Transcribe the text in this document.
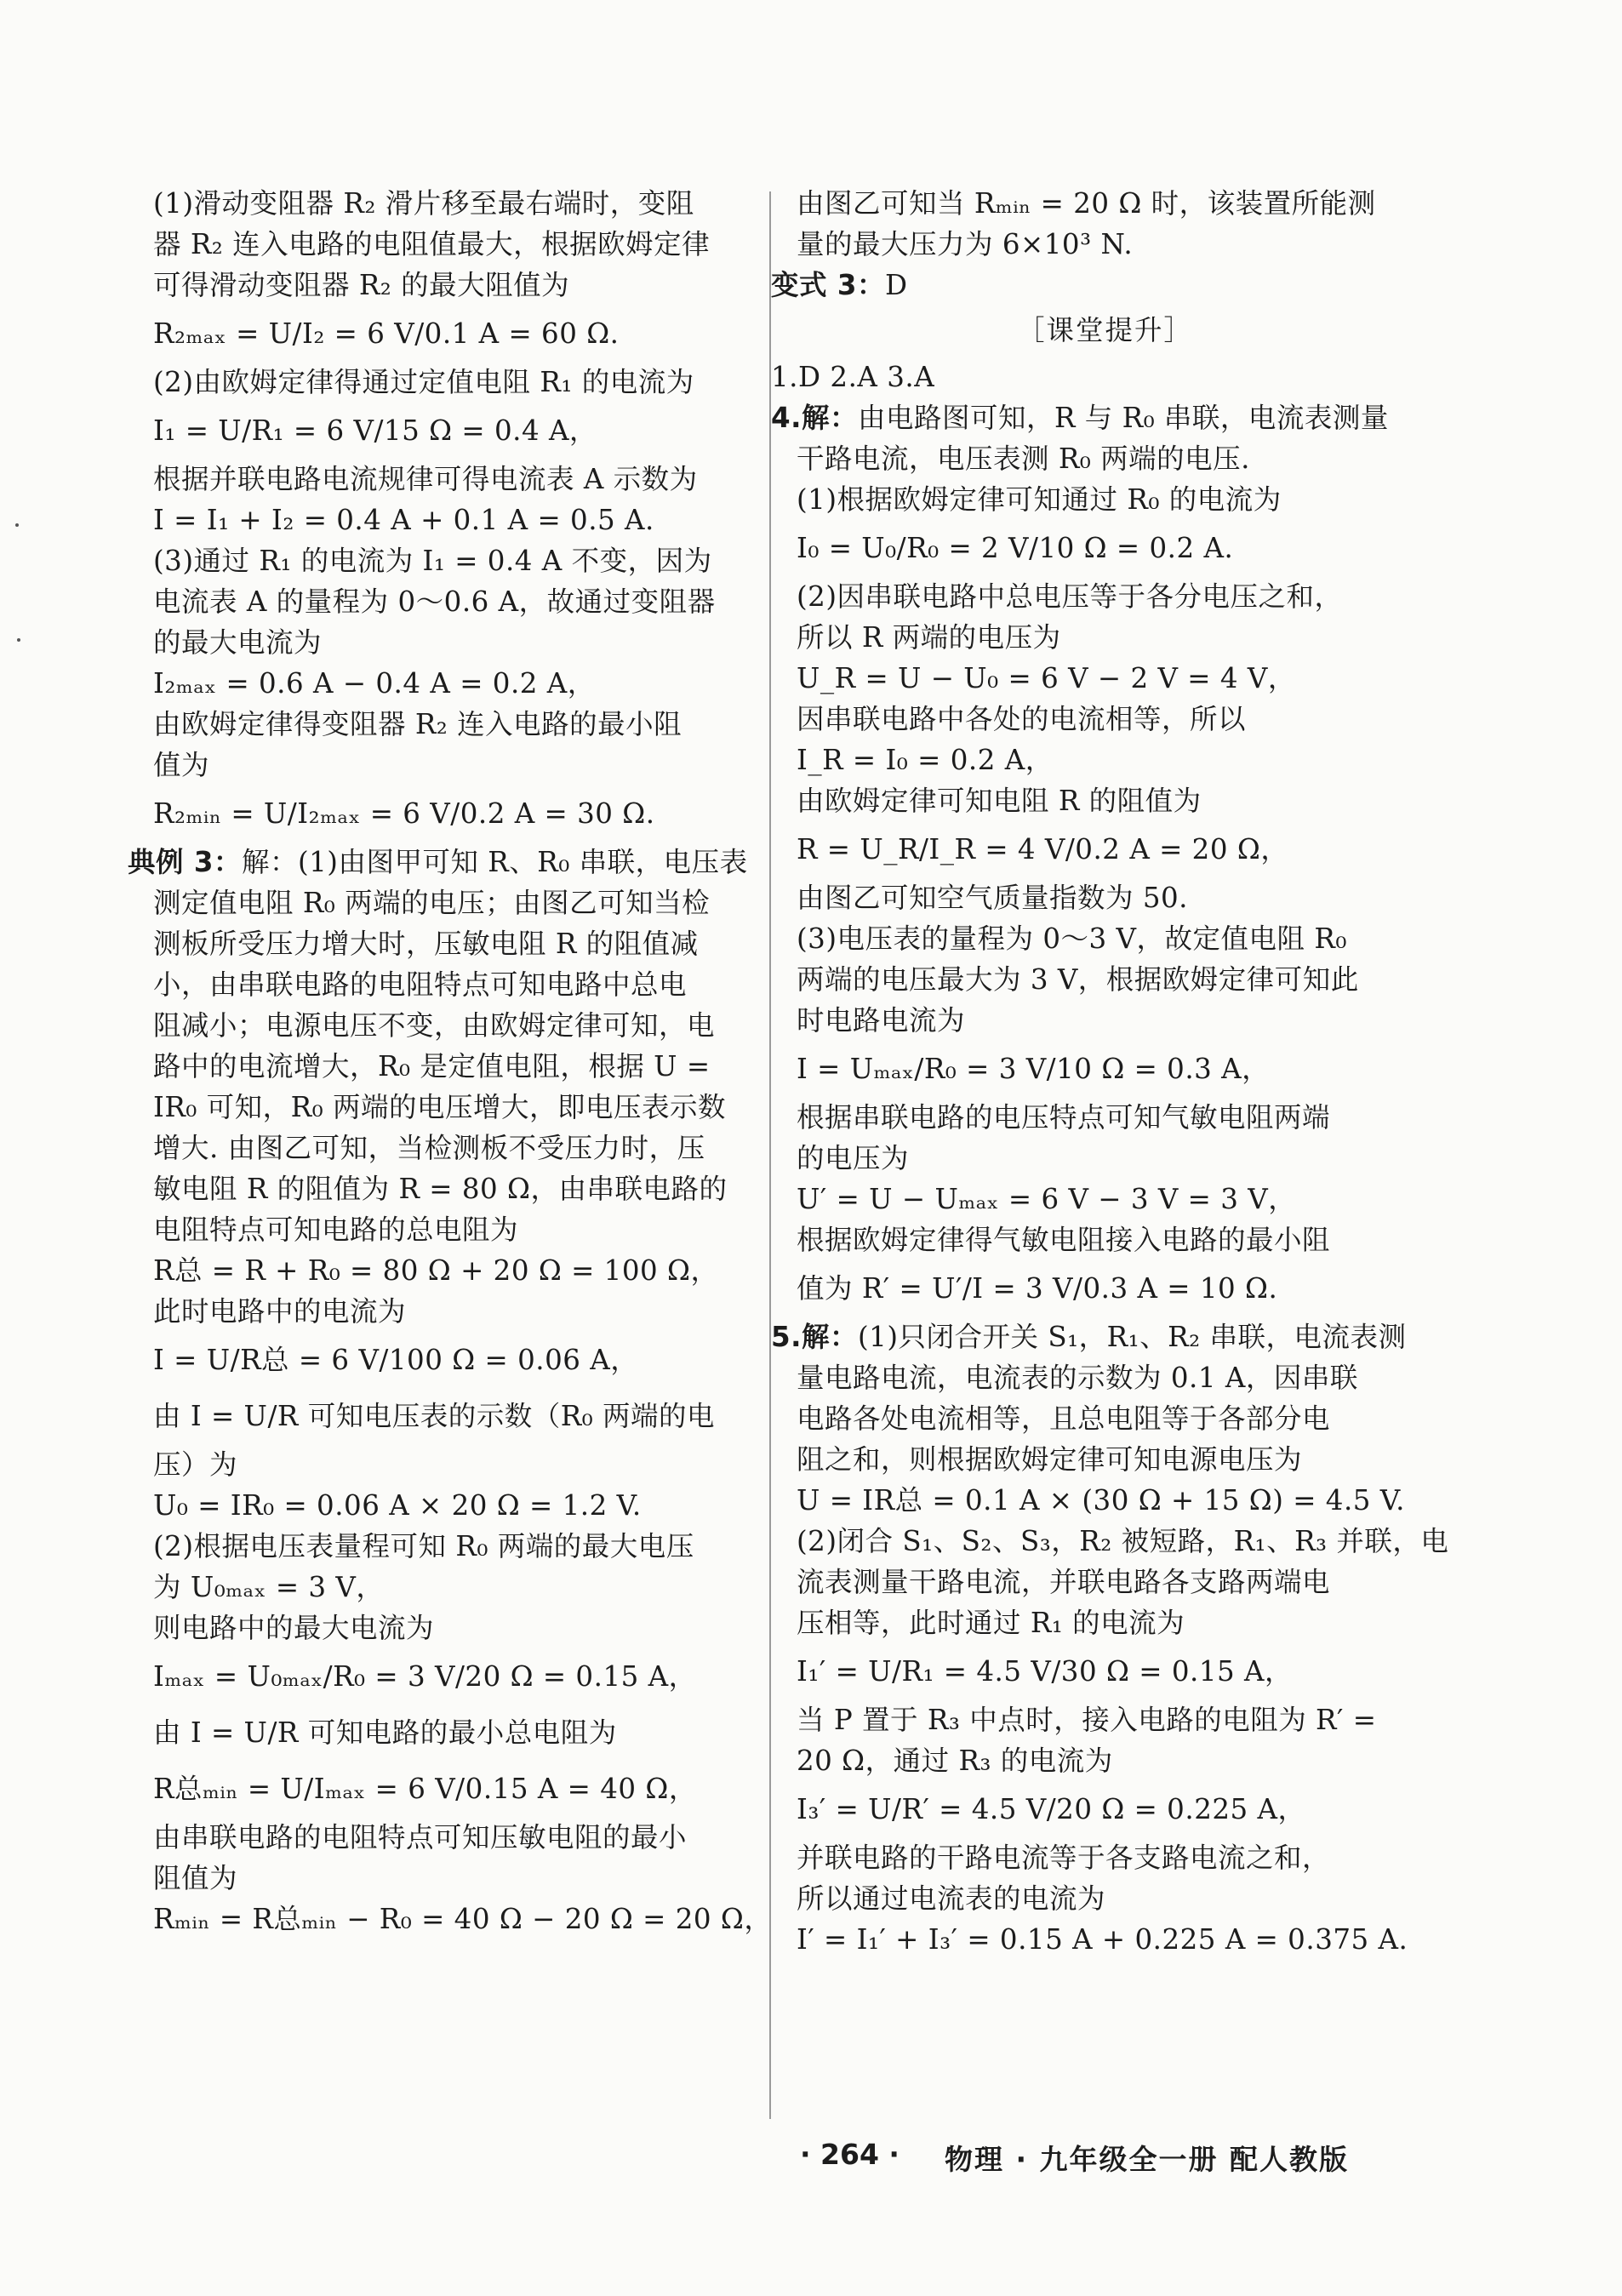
(1)滑动变阻器 R₂ 滑片移至最右端时，变阻
器 R₂ 连入电路的电阻值最大，根据欧姆定律
可得滑动变阻器 R₂ 的最大阻值为
R₂ₘₐₓ = U/I₂ = 6 V/0.1 A = 60 Ω.
(2)由欧姆定律得通过定值电阻 R₁ 的电流为
I₁ = U/R₁ = 6 V/15 Ω = 0.4 A，
根据并联电路电流规律可得电流表 A 示数为
I = I₁ + I₂ = 0.4 A + 0.1 A = 0.5 A.
(3)通过 R₁ 的电流为 I₁ = 0.4 A 不变，因为
电流表 A 的量程为 0～0.6 A，故通过变阻器
的最大电流为
I₂ₘₐₓ = 0.6 A − 0.4 A = 0.2 A，
由欧姆定律得变阻器 R₂ 连入电路的最小阻
值为
R₂ₘᵢₙ = U/I₂ₘₐₓ = 6 V/0.2 A = 30 Ω.
典例 3：解：(1)由图甲可知 R、R₀ 串联，电压表
测定值电阻 R₀ 两端的电压；由图乙可知当检
测板所受压力增大时，压敏电阻 R 的阻值减
小，由串联电路的电阻特点可知电路中总电
阻减小；电源电压不变，由欧姆定律可知，电
路中的电流增大，R₀ 是定值电阻，根据 U =
IR₀ 可知，R₀ 两端的电压增大，即电压表示数
增大. 由图乙可知，当检测板不受压力时，压
敏电阻 R 的阻值为 R = 80 Ω，由串联电路的
电阻特点可知电路的总电阻为
R总 = R + R₀ = 80 Ω + 20 Ω = 100 Ω，
此时电路中的电流为
I = U/R总 = 6 V/100 Ω = 0.06 A，
由 I = U/R 可知电压表的示数（R₀ 两端的电
压）为
U₀ = IR₀ = 0.06 A × 20 Ω = 1.2 V.
(2)根据电压表量程可知 R₀ 两端的最大电压
为 U₀ₘₐₓ = 3 V，
则电路中的最大电流为
Iₘₐₓ = U₀ₘₐₓ/R₀ = 3 V/20 Ω = 0.15 A，
由 I = U/R 可知电路的最小总电阻为
R总ₘᵢₙ = U/Iₘₐₓ = 6 V/0.15 A = 40 Ω，
由串联电路的电阻特点可知压敏电阻的最小
阻值为
Rₘᵢₙ = R总ₘᵢₙ − R₀ = 40 Ω − 20 Ω = 20 Ω，
由图乙可知当 Rₘᵢₙ = 20 Ω 时，该装置所能测
量的最大压力为 6×10³ N.
变式 3：D
［课堂提升］
1.D 2.A 3.A
4.解：由电路图可知，R 与 R₀ 串联，电流表测量
干路电流，电压表测 R₀ 两端的电压.
(1)根据欧姆定律可知通过 R₀ 的电流为
I₀ = U₀/R₀ = 2 V/10 Ω = 0.2 A.
(2)因串联电路中总电压等于各分电压之和，
所以 R 两端的电压为
U_R = U − U₀ = 6 V − 2 V = 4 V，
因串联电路中各处的电流相等，所以
I_R = I₀ = 0.2 A，
由欧姆定律可知电阻 R 的阻值为
R = U_R/I_R = 4 V/0.2 A = 20 Ω，
由图乙可知空气质量指数为 50.
(3)电压表的量程为 0～3 V，故定值电阻 R₀
两端的电压最大为 3 V，根据欧姆定律可知此
时电路电流为
I = Uₘₐₓ/R₀ = 3 V/10 Ω = 0.3 A，
根据串联电路的电压特点可知气敏电阻两端
的电压为
U′ = U − Uₘₐₓ = 6 V − 3 V = 3 V，
根据欧姆定律得气敏电阻接入电路的最小阻
值为 R′ = U′/I = 3 V/0.3 A = 10 Ω.
5.解：(1)只闭合开关 S₁，R₁、R₂ 串联，电流表测
量电路电流，电流表的示数为 0.1 A，因串联
电路各处电流相等，且总电阻等于各部分电
阻之和，则根据欧姆定律可知电源电压为
U = IR总 = 0.1 A × (30 Ω + 15 Ω) = 4.5 V.
(2)闭合 S₁、S₂、S₃，R₂ 被短路，R₁、R₃ 并联，电
流表测量干路电流，并联电路各支路两端电
压相等，此时通过 R₁ 的电流为
I₁′ = U/R₁ = 4.5 V/30 Ω = 0.15 A，
当 P 置于 R₃ 中点时，接入电路的电阻为 R′ =
20 Ω，通过 R₃ 的电流为
I₃′ = U/R′ = 4.5 V/20 Ω = 0.225 A，
并联电路的干路电流等于各支路电流之和，
所以通过电流表的电流为
I′ = I₁′ + I₃′ = 0.15 A + 0.225 A = 0.375 A.
· 264 · 物理 · 九年级全一册 配人教版
